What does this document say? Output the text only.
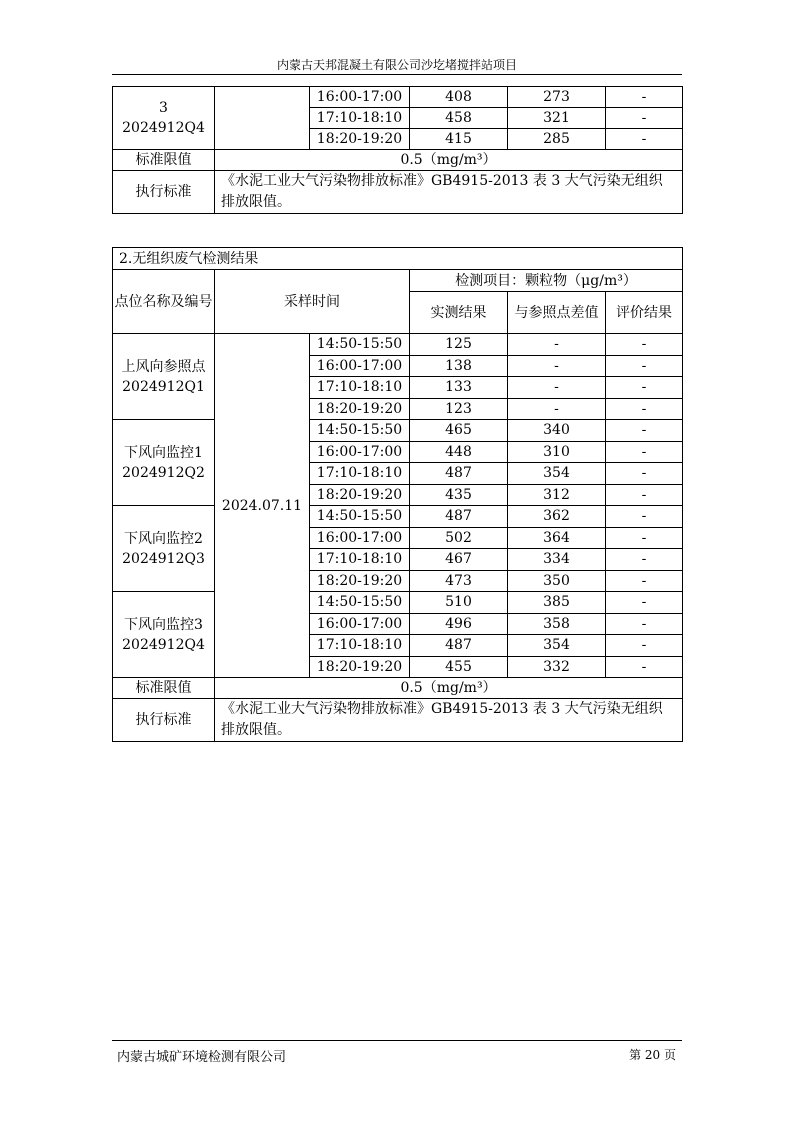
内蒙古天邦混凝土有限公司沙圪堵搅拌站项目
3
2024912Q4		16:00-17:00	408	273	-
		17:10-18:10	458	321	-
		18:20-19:20	415	285	-
标准限值	0.5（mg/m³）				
执行标准	《水泥工业大气污染物排放标准》GB4915-2013 表 3 大气污染无组织排放限值。				
2.无组织废气检测结果					
点位名称及编号	采样时间		检测项目：颗粒物（μg/m³）		
			实测结果	与参照点差值	评价结果

上风向参照点
2024912Q1	2024.07.11	14:50-15:50	125	-	-
		16:00-17:00	138	-	-
		17:10-18:10	133	-	-
		18:20-19:20	123	-	-

下风向监控1
2024912Q2		14:50-15:50	465	340	-
		16:00-17:00	448	310	-
		17:10-18:10	487	354	-
		18:20-19:20	435	312	-

下风向监控2
2024912Q3		14:50-15:50	487	362	-
		16:00-17:00	502	364	-
		17:10-18:10	467	334	-
		18:20-19:20	473	350	-

下风向监控3
2024912Q4		14:50-15:50	510	385	-
		16:00-17:00	496	358	-
		17:10-18:10	487	354	-
		18:20-19:20	455	332	-
标准限值	0.5（mg/m³）				
执行标准	《水泥工业大气污染物排放标准》GB4915-2013 表 3 大气污染无组织排放限值。				
内蒙古城矿环境检测有限公司	第 20 页
